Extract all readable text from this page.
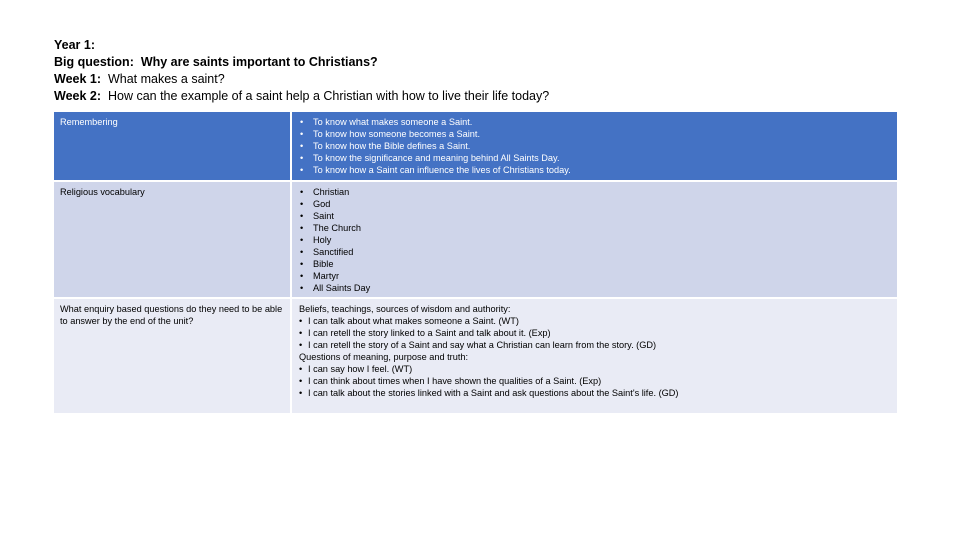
Year 1:
Big question: Why are saints important to Christians?
Week 1: What makes a saint?
Week 2: How can the example of a saint help a Christian with how to live their life today?
Remembering	• To know what makes someone a Saint.
• To know how someone becomes a Saint.
• To know how the Bible defines a Saint.
• To know the significance and meaning behind All Saints Day.
• To know how a Saint can influence the lives of Christians today.
Religious vocabulary	• Christian
• God
• Saint
• The Church
• Holy
• Sanctified
• Bible
• Martyr
• All Saints Day
What enquiry based questions do they need to be able to answer by the end of the unit?
Beliefs, teachings, sources of wisdom and authority:
• I can talk about what makes someone a Saint. (WT)
• I can retell the story linked to a Saint and talk about it. (Exp)
• I can retell the story of a Saint and say what a Christian can learn from the story. (GD)
Questions of meaning, purpose and truth:
• I can say how I feel. (WT)
• I can think about times when I have shown the qualities of a Saint. (Exp)
• I can talk about the stories linked with a Saint and ask questions about the Saint's life. (GD)
